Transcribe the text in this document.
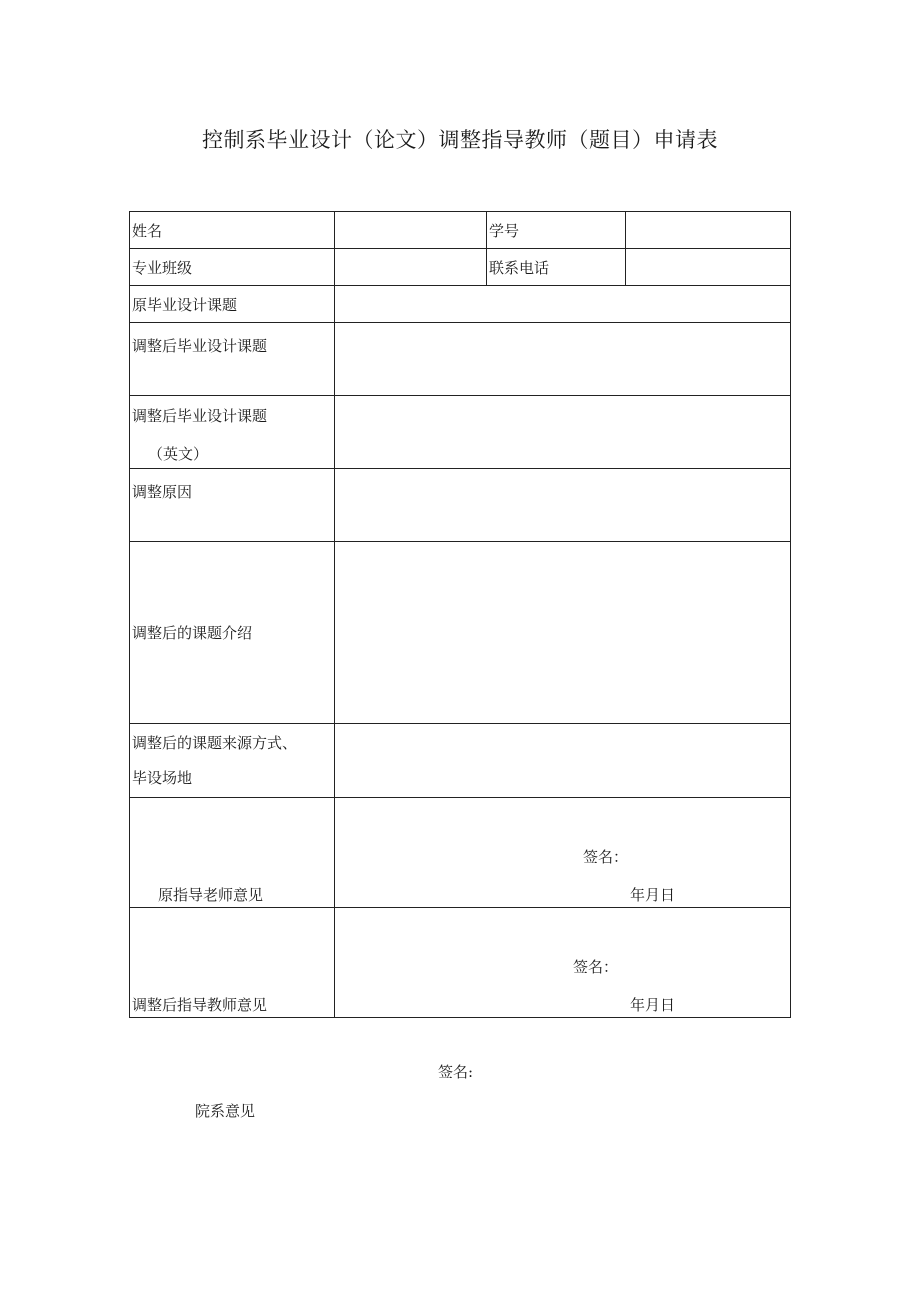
控制系毕业设计（论文）调整指导教师（题目）申请表
姓名		学号	
专业班级		联系电话	
原毕业设计课题			
调整后毕业设计课题			

调整后毕业设计课题
（英文）			

调整原因			
调整后的课题介绍			

调整后的课题来源方式、
毕设场地			

原指导老师意见	签名：
年月日		

调整后指导教师意见	签名：
年月日		
签名:
院系意见
